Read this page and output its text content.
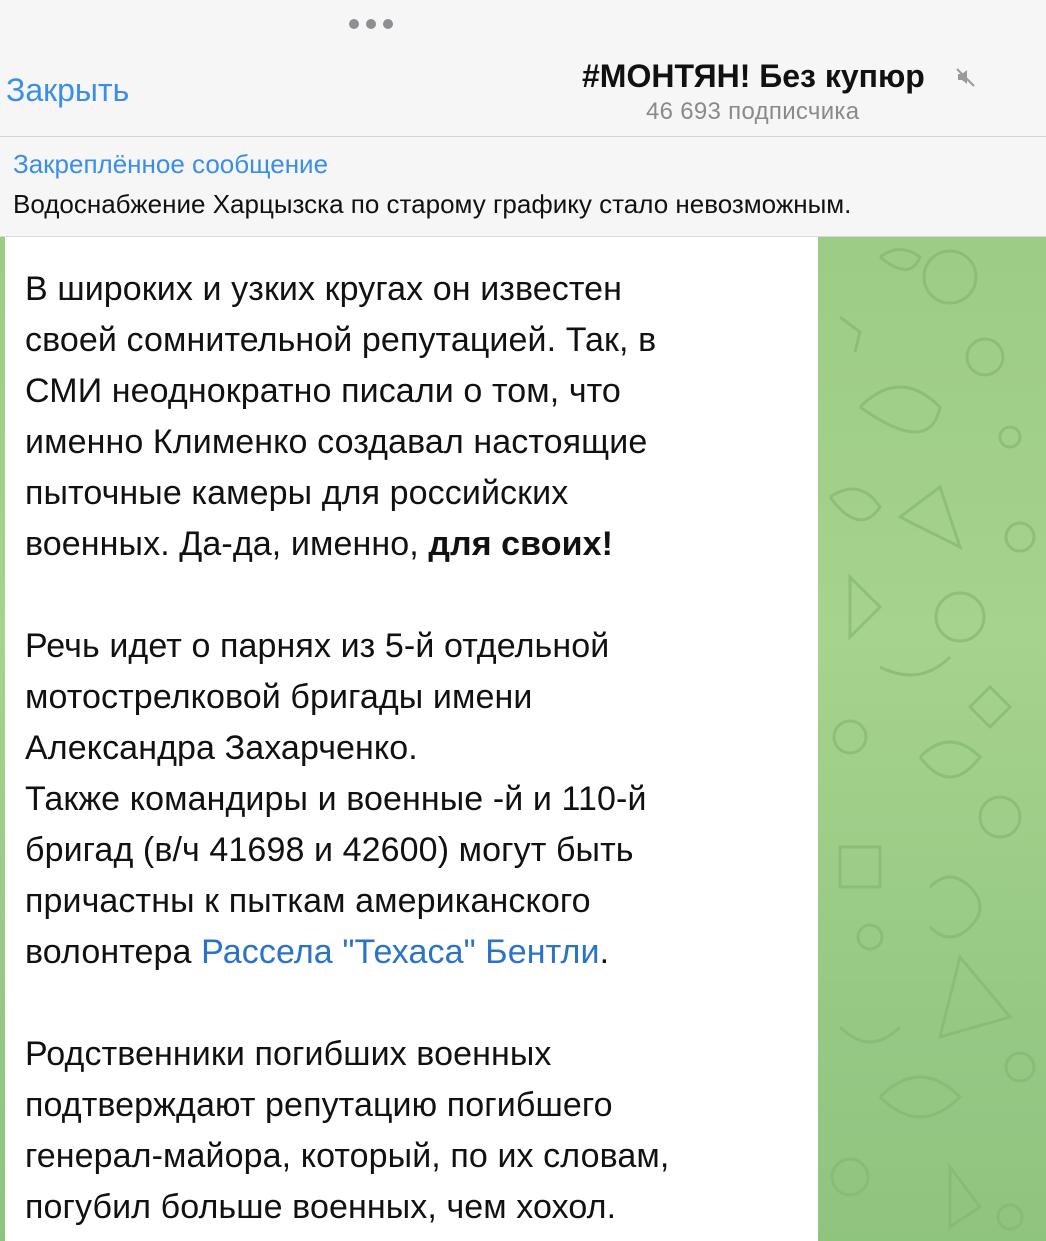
Закрыть	#МОНТЯН! Без купюр
46 693 подписчика
Закреплённое сообщение
Водоснабжение Харцызска по старому графику стало невозможным.

В широких и узких кругах он известен

своей сомнительной репутацией. Так, в

СМИ неоднократно писали о том, что

именно Клименко создавал настоящие

пыточные камеры для российских

военных. Да-да, именно, для своих!

Речь идет о парнях из 5-й отдельной

мотострелковой бригады имени

Александра Захарченко.

Также командиры и военные -й и 110-й

бригад (в/ч 41698 и 42600) могут быть

причастны к пыткам американского

волонтера Рассела "Техаса" Бентли.

Родственники погибших военных

подтверждают репутацию погибшего

генерал-майора, который, по их словам,

погубил больше военных, чем хохол.
